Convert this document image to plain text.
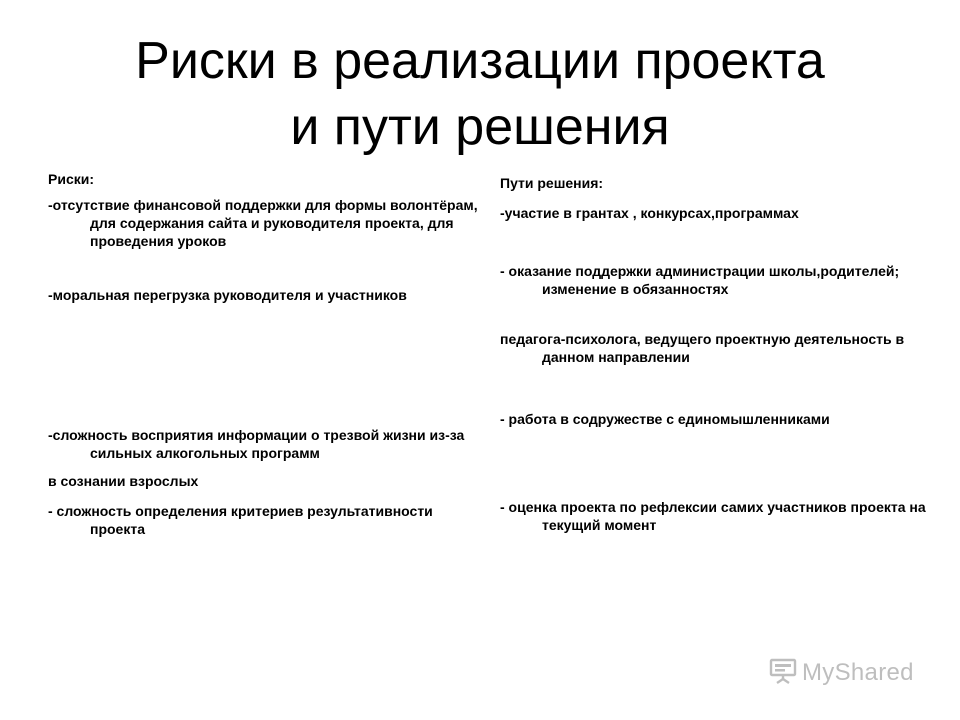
Риски в реализации проекта
и пути решения

Риски:

-отсутствие финансовой поддержки для формы волонтёрам, для содержания сайта и руководителя проекта, для проведения уроков

-моральная перегрузка руководителя и участников

-сложность восприятия информации о трезвой жизни из-за сильных алкогольных программ

в сознании взрослых

- сложность определения критериев результативности проекта

Пути решения:

-участие в грантах , конкурсах,программах

- оказание поддержки администрации школы,родителей; изменение в обязанностях

педагога-психолога, ведущего проектную деятельность в данном направлении

- работа в содружестве с единомышленниками

- оценка проекта по рефлексии самих участников проекта на текущий момент

MyShared
